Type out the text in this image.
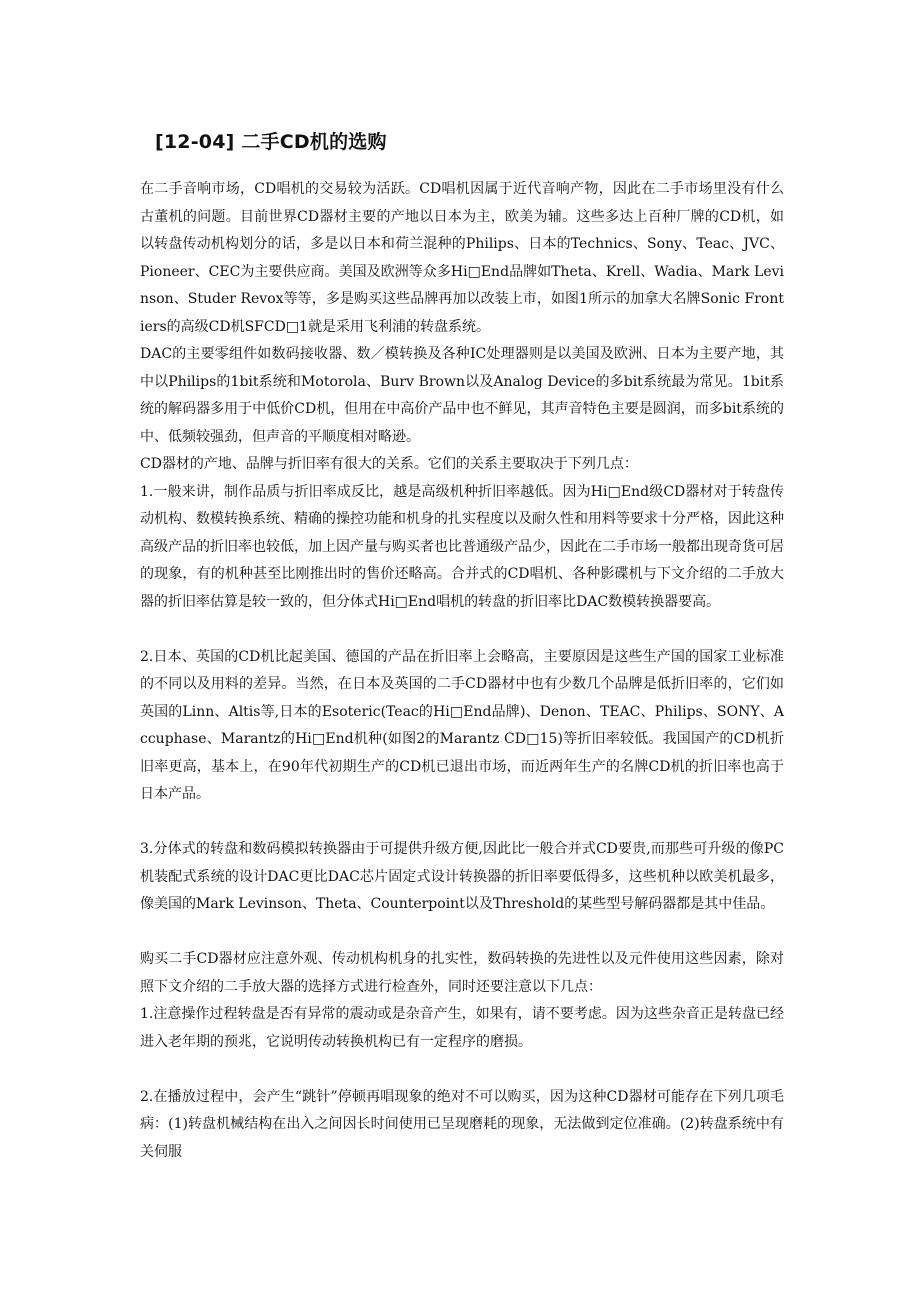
[12-04] 二手CD机的选购

在二手音响市场，CD唱机的交易较为活跃。CD唱机因属于近代音响产物，因此在二手市场里没有什么古董机的问题。目前世界CD器材主要的产地以日本为主，欧美为辅。这些多达上百种厂牌的CD机，如以转盘传动机构划分的话，多是以日本和荷兰混种的Philips、日本的Technics、Sony、Teac、JVC、Pioneer、CEC为主要供应商。美国及欧洲等众多Hi□End品牌如Theta、Krell、Wadia、Mark Levinson、Studer Revox等等，多是购买这些品牌再加以改装上市，如图1所示的加拿大名牌Sonic Frontiers的高级CD机SFCD□1就是采用飞利浦的转盘系统。

DAC的主要零组件如数码接收器、数／模转换及各种IC处理器则是以美国及欧洲、日本为主要产地，其中以Philips的1bit系统和Motorola、Burv Brown以及Analog Device的多bit系统最为常见。1bit系统的解码器多用于中低价CD机，但用在中高价产品中也不鲜见，其声音特色主要是圆润，而多bit系统的中、低频较强劲，但声音的平顺度相对略逊。

CD器材的产地、品牌与折旧率有很大的关系。它们的关系主要取决于下列几点：

1.一般来讲，制作品质与折旧率成反比，越是高级机种折旧率越低。因为Hi□End级CD器材对于转盘传动机构、数模转换系统、精确的操控功能和机身的扎实程度以及耐久性和用料等要求十分严格，因此这种高级产品的折旧率也较低，加上因产量与购买者也比普通级产品少，因此在二手市场一般都出现奇货可居的现象，有的机种甚至比刚推出时的售价还略高。合并式的CD唱机、各种影碟机与下文介绍的二手放大器的折旧率估算是较一致的，但分体式Hi□End唱机的转盘的折旧率比DAC数模转换器要高。

2.日本、英国的CD机比起美国、德国的产品在折旧率上会略高，主要原因是这些生产国的国家工业标准的不同以及用料的差异。当然，在日本及英国的二手CD器材中也有少数几个品牌是低折旧率的，它们如英国的Linn、Altis等,日本的Esoteric(Teac的Hi□End品牌)、Denon、TEAC、Philips、SONY、Accuphase、Marantz的Hi□End机种(如图2的Marantz CD□15)等折旧率较低。我国国产的CD机折旧率更高，基本上，在90年代初期生产的CD机已退出市场，而近两年生产的名牌CD机的折旧率也高于日本产品。

3.分体式的转盘和数码模拟转换器由于可提供升级方便,因此比一般合并式CD要贵,而那些可升级的像PC机装配式系统的设计DAC更比DAC芯片固定式设计转换器的折旧率要低得多，这些机种以欧美机最多，像美国的Mark Levinson、Theta、Counterpoint以及Threshold的某些型号解码器都是其中佳品。

购买二手CD器材应注意外观、传动机构机身的扎实性，数码转换的先进性以及元件使用这些因素，除对照下文介绍的二手放大器的选择方式进行检查外，同时还要注意以下几点：

1.注意操作过程转盘是否有异常的震动或是杂音产生，如果有，请不要考虑。因为这些杂音正是转盘已经进入老年期的预兆，它说明传动转换机构已有一定程序的磨损。

2.在播放过程中，会产生“跳针”停顿再唱现象的绝对不可以购买，因为这种CD器材可能存在下列几项毛病：(1)转盘机械结构在出入之间因长时间使用已呈现磨耗的现象，无法做到定位准确。(2)转盘系统中有关伺服
